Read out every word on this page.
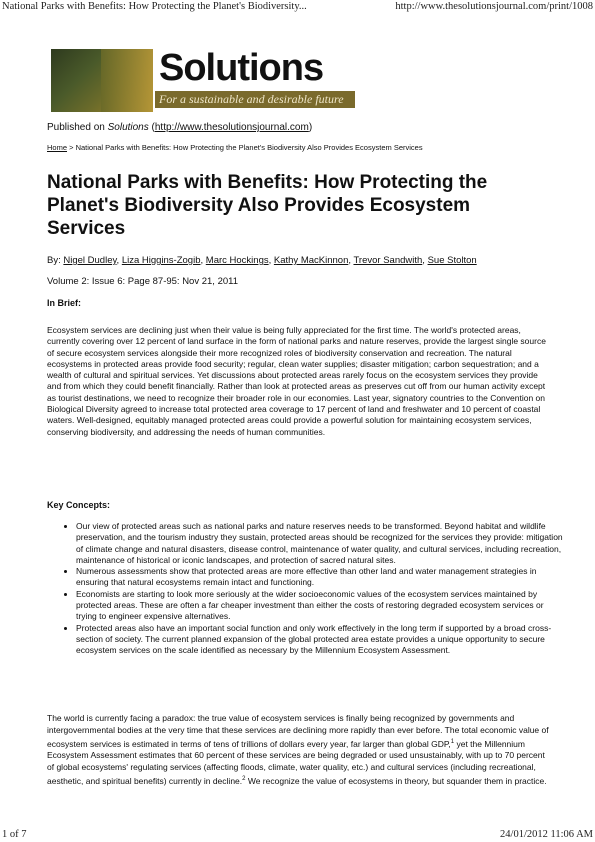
National Parks with Benefits: How Protecting the Planet's Biodiversity...	http://www.thesolutionsjournal.com/print/1008
Solutions
For a sustainable and desirable future
Published on Solutions (http://www.thesolutionsjournal.com)
Home > National Parks with Benefits: How Protecting the Planet's Biodiversity Also Provides Ecosystem Services
National Parks with Benefits: How Protecting the Planet's Biodiversity Also Provides Ecosystem Services
By: Nigel Dudley, Liza Higgins-Zogib, Marc Hockings, Kathy MacKinnon, Trevor Sandwith, Sue Stolton
Volume 2: Issue 6: Page 87-95: Nov 21, 2011
In Brief:

Ecosystem services are declining just when their value is being fully appreciated for the first time. The world's protected areas, currently covering over 12 percent of land surface in the form of national parks and nature reserves, provide the largest single source of secure ecosystem services alongside their more recognized roles of biodiversity conservation and recreation. The natural ecosystems in protected areas provide food security; regular, clean water supplies; disaster mitigation; carbon sequestration; and a wealth of cultural and spiritual services. Yet discussions about protected areas rarely focus on the ecosystem services they provide and from which they could benefit financially. Rather than look at protected areas as preserves cut off from our human activity except as tourist destinations, we need to recognize their broader role in our economies. Last year, signatory countries to the Convention on Biological Diversity agreed to increase total protected area coverage to 17 percent of land and freshwater and 10 percent of coastal waters. Well-designed, equitably managed protected areas could provide a powerful solution for maintaining ecosystem services, conserving biodiversity, and addressing the needs of human communities.

Key Concepts:
• Our view of protected areas such as national parks and nature reserves needs to be transformed. Beyond habitat and wildlife preservation, and the tourism industry they sustain, protected areas should be recognized for the services they provide: mitigation of climate change and natural disasters, disease control, maintenance of water quality, and cultural services, including recreation, maintenance of historical or iconic landscapes, and protection of sacred natural sites.
• Numerous assessments show that protected areas are more effective than other land and water management strategies in ensuring that natural ecosystems remain intact and functioning.
• Economists are starting to look more seriously at the wider socioeconomic values of the ecosystem services maintained by protected areas. These are often a far cheaper investment than either the costs of restoring degraded ecosystem services or trying to engineer expensive alternatives.
• Protected areas also have an important social function and only work effectively in the long term if supported by a broad cross-section of society. The current planned expansion of the global protected area estate provides a unique opportunity to secure ecosystem services on the scale identified as necessary by the Millennium Ecosystem Assessment.

The world is currently facing a paradox: the true value of ecosystem services is finally being recognized by governments and intergovernmental bodies at the very time that these services are declining more rapidly than ever before. The total economic value of ecosystem services is estimated in terms of tens of trillions of dollars every year, far larger than global GDP,$^1$ yet the Millennium Ecosystem Assessment estimates that 60 percent of these services are being degraded or used unsustainably, with up to 70 percent of global ecosystems' regulating services (affecting floods, climate, water quality, etc.) and cultural services (including recreational, aesthetic, and spiritual benefits) currently in decline.$^2$ We recognize the value of ecosystems in theory, but squander them in practice.

1 of 7	24/01/2012 11:06 AM
